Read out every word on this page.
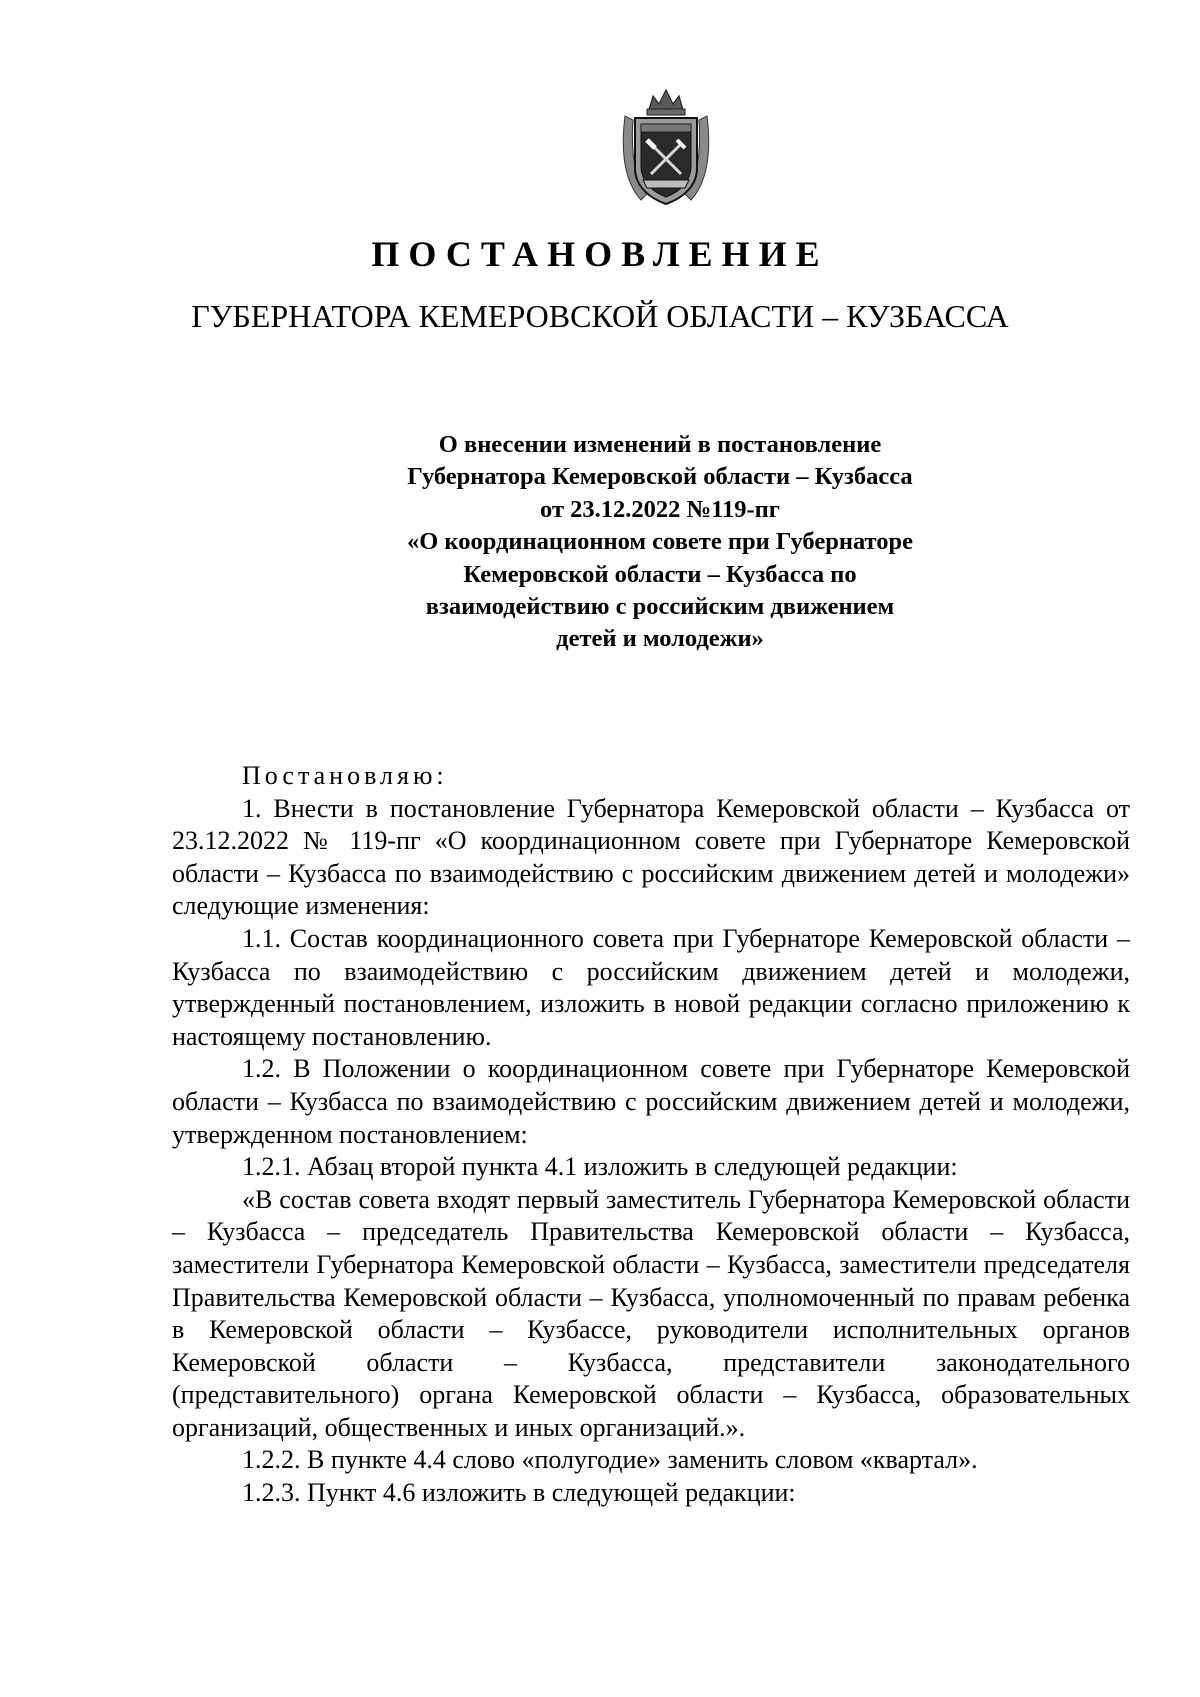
ПОСТАНОВЛЕНИЕ
ГУБЕРНАТОРА КЕМЕРОВСКОЙ ОБЛАСТИ – КУЗБАССА
О внесении изменений в постановление
Губернатора Кемеровской области – Кузбасса
от 23.12.2022 №119-пг
«О координационном совете при Губернаторе
Кемеровской области – Кузбасса по
взаимодействию с российским движением
детей и молодежи»

Постановляю:

1. Внести в постановление Губернатора Кемеровской области – Кузбасса от 23.12.2022 № 119-пг «О координационном совете при Губернаторе Кемеровской области – Кузбасса по взаимодействию с российским движением детей и молодежи» следующие изменения:

1.1. Состав координационного совета при Губернаторе Кемеровской области – Кузбасса по взаимодействию с российским движением детей и молодежи, утвержденный постановлением, изложить в новой редакции согласно приложению к настоящему постановлению.

1.2. В Положении о координационном совете при Губернаторе Кемеровской области – Кузбасса по взаимодействию с российским движением детей и молодежи, утвержденном постановлением:

1.2.1. Абзац второй пункта 4.1 изложить в следующей редакции:

«В состав совета входят первый заместитель Губернатора Кемеровской области – Кузбасса – председатель Правительства Кемеровской области – Кузбасса, заместители Губернатора Кемеровской области – Кузбасса, заместители председателя Правительства Кемеровской области – Кузбасса, уполномоченный по правам ребенка в Кемеровской области – Кузбассе, руководители исполнительных органов Кемеровской области – Кузбасса, представители законодательного (представительного) органа Кемеровской области – Кузбасса, образовательных организаций, общественных и иных организаций.».

1.2.2. В пункте 4.4 слово «полугодие» заменить словом «квартал».

1.2.3. Пункт 4.6 изложить в следующей редакции:
